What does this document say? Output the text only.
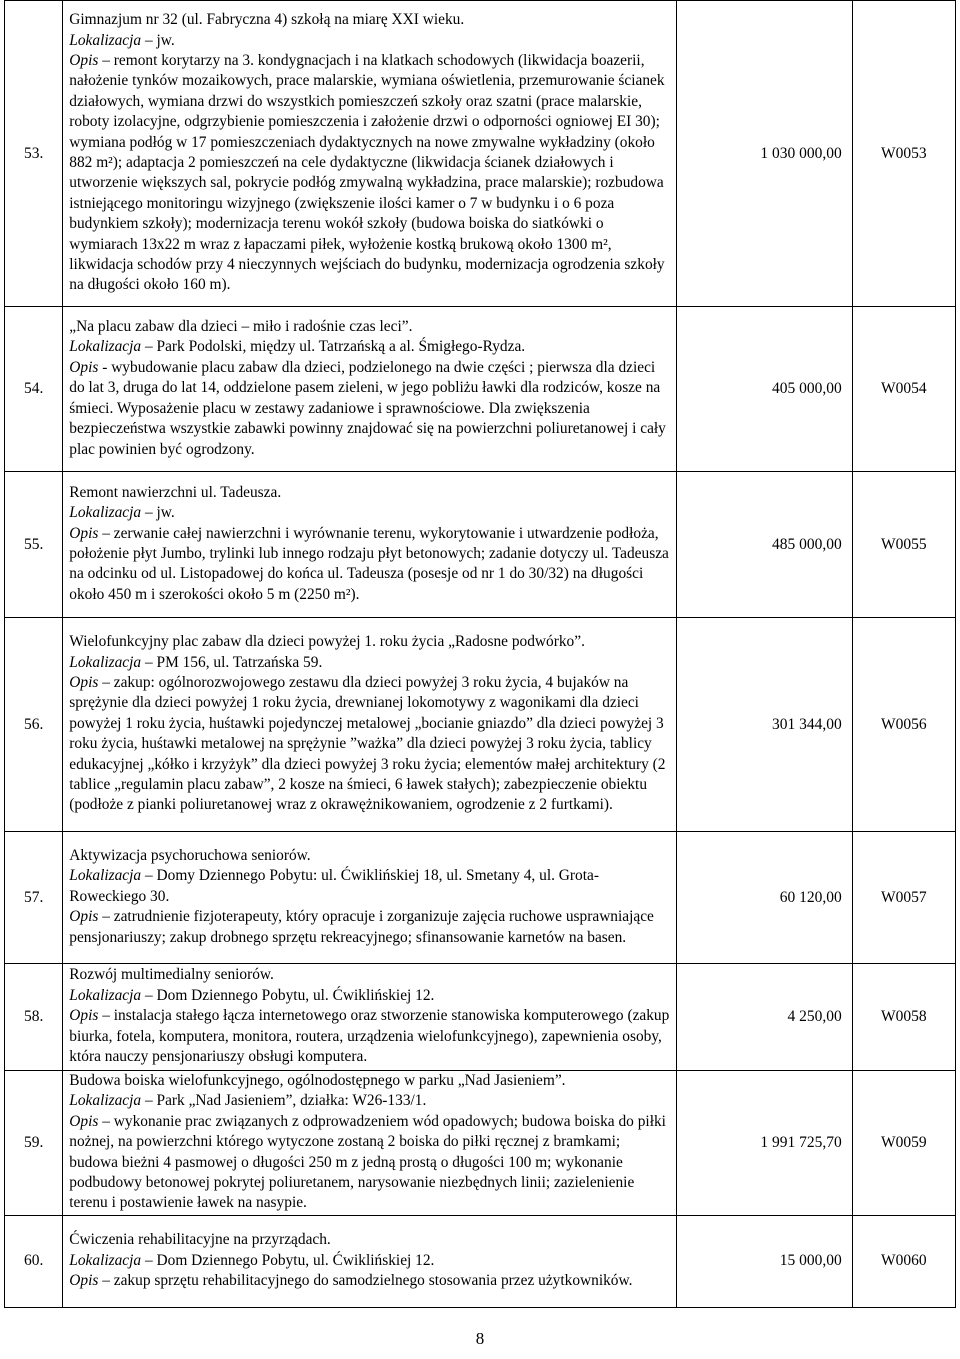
53.	Gimnazjum nr 32 (ul. Fabryczna 4) szkołą na miarę XXI wieku.
Lokalizacja – jw.
Opis – remont korytarzy na 3. kondygnacjach i na klatkach schodowych (likwidacja boazerii, nałożenie tynków mozaikowych, prace malarskie, wymiana oświetlenia, przemurowanie ścianek działowych, wymiana drzwi do wszystkich pomieszczeń szkoły oraz szatni (prace malarskie, roboty izolacyjne, odgrzybienie pomieszczenia i założenie drzwi o odporności ogniowej EI 30); wymiana podłóg w 17 pomieszczeniach dydaktycznych na nowe zmywalne wykładziny (około 882 m²); adaptacja 2 pomieszczeń na cele dydaktyczne (likwidacja ścianek działowych i utworzenie większych sal, pokrycie podłóg zmywalną wykładzina, prace malarskie); rozbudowa istniejącego monitoringu wizyjnego (zwiększenie ilości kamer o 7 w budynku i o 6 poza budynkiem szkoły); modernizacja terenu wokół szkoły (budowa boiska do siatkówki o wymiarach 13x22 m wraz z łapaczami piłek, wyłożenie kostką brukową około 1300 m², likwidacja schodów przy 4 nieczynnych wejściach do budynku, modernizacja ogrodzenia szkoły na długości około 160 m).	1 030 000,00	W0053
54.	„Na placu zabaw dla dzieci – miło i radośnie czas leci”.
Lokalizacja – Park Podolski, między ul. Tatrzańską a al. Śmigłego-Rydza.
Opis - wybudowanie placu zabaw dla dzieci, podzielonego na dwie części ; pierwsza dla dzieci do lat 3, druga do lat 14, oddzielone pasem zieleni, w jego pobliżu ławki dla rodziców, kosze na śmieci. Wyposażenie placu w zestawy zadaniowe i sprawnościowe. Dla zwiększenia bezpieczeństwa wszystkie zabawki powinny znajdować się na powierzchni poliuretanowej i cały plac powinien być ogrodzony.	405 000,00	W0054
55.	Remont nawierzchni ul. Tadeusza.
Lokalizacja – jw.
Opis – zerwanie całej nawierzchni i wyrównanie terenu, wykorytowanie i utwardzenie podłoża, położenie płyt Jumbo, trylinki lub innego rodzaju płyt betonowych; zadanie dotyczy ul. Tadeusza na odcinku od ul. Listopadowej do końca ul. Tadeusza (posesje od nr 1 do 30/32) na długości około 450 m i szerokości około 5 m (2250 m²).	485 000,00	W0055
56.	Wielofunkcyjny plac zabaw dla dzieci powyżej 1. roku życia „Radosne podwórko”.
Lokalizacja – PM 156, ul. Tatrzańska 59.
Opis – zakup: ogólnorozwojowego zestawu dla dzieci powyżej 3 roku życia, 4 bujaków na sprężynie dla dzieci powyżej 1 roku życia, drewnianej lokomotywy z wagonikami dla dzieci powyżej 1 roku życia, huśtawki pojedynczej metalowej „bocianie gniazdo” dla dzieci powyżej 3 roku życia, huśtawki metalowej na sprężynie ”ważka” dla dzieci powyżej 3 roku życia, tablicy edukacyjnej „kółko i krzyżyk” dla dzieci powyżej 3 roku życia; elementów małej architektury (2 tablice „regulamin placu zabaw”, 2 kosze na śmieci, 6 ławek stałych); zabezpieczenie obiektu (podłoże z pianki poliuretanowej wraz z okrawężnikowaniem, ogrodzenie z 2 furtkami).	301 344,00	W0056
57.	Aktywizacja psychoruchowa seniorów.
Lokalizacja – Domy Dziennego Pobytu: ul. Ćwiklińskiej 18, ul. Smetany 4, ul. Grota-Roweckiego 30.
Opis – zatrudnienie fizjoterapeuty, który opracuje i zorganizuje zajęcia ruchowe usprawniające pensjonariuszy; zakup drobnego sprzętu rekreacyjnego; sfinansowanie karnetów na basen.	60 120,00	W0057
58.	Rozwój multimedialny seniorów.
Lokalizacja – Dom Dziennego Pobytu, ul. Ćwiklińskiej 12.
Opis – instalacja stałego łącza internetowego oraz stworzenie stanowiska komputerowego (zakup biurka, fotela, komputera, monitora, routera, urządzenia wielofunkcyjnego), zapewnienia osoby, która nauczy pensjonariuszy obsługi komputera.	4 250,00	W0058
59.	Budowa boiska wielofunkcyjnego, ogólnodostępnego w parku „Nad Jasieniem”.
Lokalizacja – Park „Nad Jasieniem”, działka: W26-133/1.
Opis – wykonanie prac związanych z odprowadzeniem wód opadowych; budowa boiska do piłki nożnej, na powierzchni którego wytyczone zostaną 2 boiska do piłki ręcznej z bramkami; budowa bieżni 4 pasmowej o długości 250 m z jedną prostą o długości 100 m; wykonanie podbudowy betonowej pokrytej poliuretanem, narysowanie niezbędnych linii; zazielenienie terenu i postawienie ławek na nasypie.	1 991 725,70	W0059
60.	Ćwiczenia rehabilitacyjne na przyrządach.
Lokalizacja – Dom Dziennego Pobytu, ul. Ćwiklińskiej 12.
Opis – zakup sprzętu rehabilitacyjnego do samodzielnego stosowania przez użytkowników.	15 000,00	W0060
8
